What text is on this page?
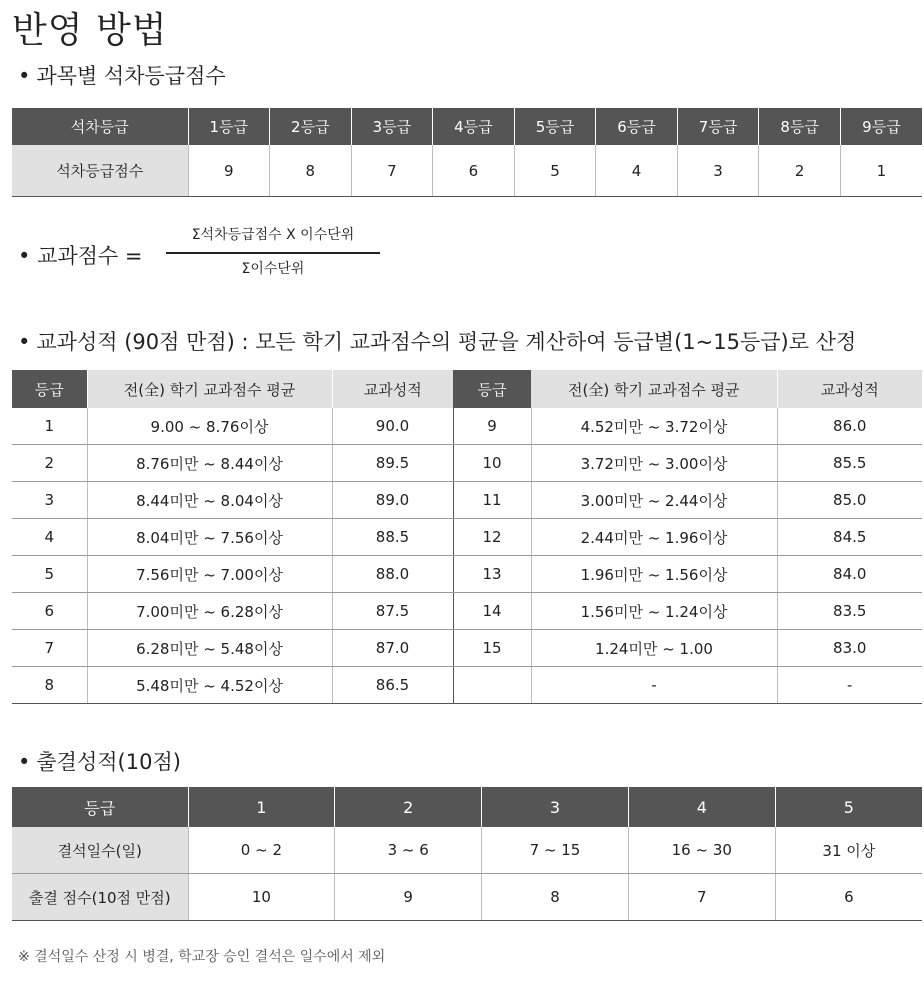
반영 방법
• 과목별 석차등급점수
석차등급	1등급	2등급	3등급	4등급	5등급	6등급	7등급	8등급	9등급
석차등급점수	9	8	7	6	5	4	3	2	1
• 교과점수 =
Σ석차등급점수 X 이수단위
Σ이수단위
• 교과성적 (90점 만점) : 모든 학기 교과점수의 평균을 계산하여 등급별(1~15등급)로 산정
등급	전(全) 학기 교과점수 평균	교과성적	등급	전(全) 학기 교과점수 평균	교과성적
1	9.00 ~ 8.76이상	90.0	9	4.52미만 ~ 3.72이상	86.0
2	8.76미만 ~ 8.44이상	89.5	10	3.72미만 ~ 3.00이상	85.5
3	8.44미만 ~ 8.04이상	89.0	11	3.00미만 ~ 2.44이상	85.0
4	8.04미만 ~ 7.56이상	88.5	12	2.44미만 ~ 1.96이상	84.5
5	7.56미만 ~ 7.00이상	88.0	13	1.96미만 ~ 1.56이상	84.0
6	7.00미만 ~ 6.28이상	87.5	14	1.56미만 ~ 1.24이상	83.5
7	6.28미만 ~ 5.48이상	87.0	15	1.24미만 ~ 1.00	83.0
8	5.48미만 ~ 4.52이상	86.5		-	-
• 출결성적(10점)
등급	1	2	3	4	5
결석일수(일)	0 ~ 2	3 ~ 6	7 ~ 15	16 ~ 30	31 이상
출결 점수(10점 만점)	10	9	8	7	6
※ 결석일수 산정 시 병결, 학교장 승인 결석은 일수에서 제외
